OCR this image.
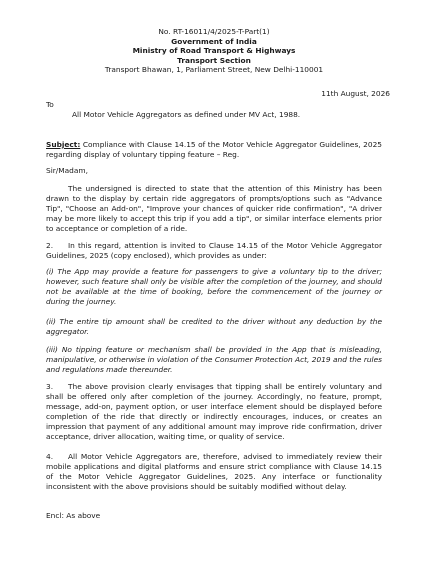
No. RT-16011/4/2025-T-Part(1)
Government of India
Ministry of Road Transport & Highways
Transport Section
Transport Bhawan, 1, Parliament Street, New Delhi-110001
11th August, 2026
To
All Motor Vehicle Aggregators as defined under MV Act, 1988.
Subject: Compliance with Clause 14.15 of the Motor Vehicle Aggregator Guidelines, 2025 regarding display of voluntary tipping feature – Reg.
Sir/Madam,
The undersigned is directed to state that the attention of this Ministry has been drawn to the display by certain ride aggregators of prompts/options such as "Advance Tip", "Choose an Add-on", "Improve your chances of quicker ride confirmation", "A driver may be more likely to accept this trip if you add a tip", or similar interface elements prior to acceptance or completion of a ride.
2. In this regard, attention is invited to Clause 14.15 of the Motor Vehicle Aggregator Guidelines, 2025 (copy enclosed), which provides as under:
(i) The App may provide a feature for passengers to give a voluntary tip to the driver; however, such feature shall only be visible after the completion of the journey, and should not be available at the time of booking, before the commencement of the journey or during the journey.
(ii) The entire tip amount shall be credited to the driver without any deduction by the aggregator.
(iii) No tipping feature or mechanism shall be provided in the App that is misleading, manipulative, or otherwise in violation of the Consumer Protection Act, 2019 and the rules and regulations made thereunder.
3. The above provision clearly envisages that tipping shall be entirely voluntary and shall be offered only after completion of the journey. Accordingly, no feature, prompt, message, add-on, payment option, or user interface element should be displayed before completion of the ride that directly or indirectly encourages, induces, or creates an impression that payment of any additional amount may improve ride confirmation, driver acceptance, driver allocation, waiting time, or quality of service.
4. All Motor Vehicle Aggregators are, therefore, advised to immediately review their mobile applications and digital platforms and ensure strict compliance with Clause 14.15 of the Motor Vehicle Aggregator Guidelines, 2025. Any interface or functionality inconsistent with the above provisions should be suitably modified without delay.
Encl: As above
